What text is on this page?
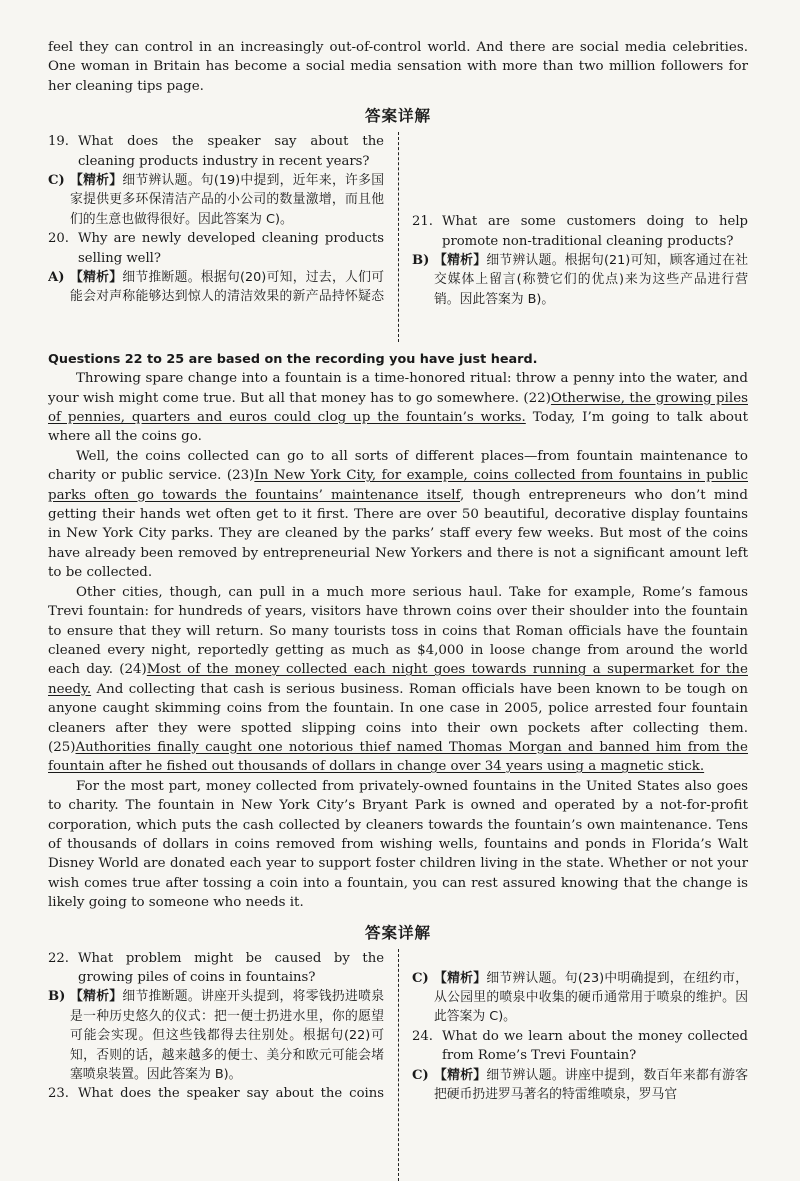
feel they can control in an increasingly out-of-control world. And there are social media celebrities. One woman in Britain has become a social media sensation with more than two million followers for her cleaning tips page.

答案详解
19. What does the speaker say about the cleaning products industry in recent years?
C) 【精析】细节辨认题。句(19)中提到，近年来，许多国家提供更多环保清洁产品的小公司的数量激增，而且他们的生意也做得很好。因此答案为 C)。
20. Why are newly developed cleaning products selling well?
A) 【精析】细节推断题。根据句(20)可知，过去，人们可能会对声称能够达到惊人的清洁效果的新产品持怀疑态
21. What are some customers doing to help promote non-traditional cleaning products?
B) 【精析】细节辨认题。根据句(21)可知，顾客通过在社交媒体上留言(称赞它们的优点)来为这些产品进行营销。因此答案为 B)。
Questions 22 to 25 are based on the recording you have just heard.

Throwing spare change into a fountain is a time-honored ritual: throw a penny into the water, and your wish might come true. But all that money has to go somewhere. (22)Otherwise, the growing piles of pennies, quarters and euros could clog up the fountain’s works. Today, I’m going to talk about where all the coins go.

Well, the coins collected can go to all sorts of different places—from fountain maintenance to charity or public service. (23)In New York City, for example, coins collected from fountains in public parks often go towards the fountains’ maintenance itself, though entrepreneurs who don’t mind getting their hands wet often get to it first. There are over 50 beautiful, decorative display fountains in New York City parks. They are cleaned by the parks’ staff every few weeks. But most of the coins have already been removed by entrepreneurial New Yorkers and there is not a significant amount left to be collected.

Other cities, though, can pull in a much more serious haul. Take for example, Rome’s famous Trevi fountain: for hundreds of years, visitors have thrown coins over their shoulder into the fountain to ensure that they will return. So many tourists toss in coins that Roman officials have the fountain cleaned every night, reportedly getting as much as $4,000 in loose change from around the world each day. (24)Most of the money collected each night goes towards running a supermarket for the needy. And collecting that cash is serious business. Roman officials have been known to be tough on anyone caught skimming coins from the fountain. In one case in 2005, police arrested four fountain cleaners after they were spotted slipping coins into their own pockets after collecting them. (25)Authorities finally caught one notorious thief named Thomas Morgan and banned him from the fountain after he fished out thousands of dollars in change over 34 years using a magnetic stick.

For the most part, money collected from privately-owned fountains in the United States also goes to charity. The fountain in New York City’s Bryant Park is owned and operated by a not-for-profit corporation, which puts the cash collected by cleaners towards the fountain’s own maintenance. Tens of thousands of dollars in coins removed from wishing wells, fountains and ponds in Florida’s Walt Disney World are donated each year to support foster children living in the state. Whether or not your wish comes true after tossing a coin into a fountain, you can rest assured knowing that the change is likely going to someone who needs it.

答案详解
22. What problem might be caused by the growing piles of coins in fountains?
B) 【精析】细节推断题。讲座开头提到，将零钱扔进喷泉是一种历史悠久的仪式：把一便士扔进水里，你的愿望可能会实现。但这些钱都得去往别处。根据句(22)可知，否则的话，越来越多的便士、美分和欧元可能会堵塞喷泉装置。因此答案为 B)。
23. What does the speaker say about the coins
C) 【精析】细节辨认题。句(23)中明确提到，在纽约市，从公园里的喷泉中收集的硬币通常用于喷泉的维护。因此答案为 C)。
24. What do we learn about the money collected from Rome’s Trevi Fountain?
C) 【精析】细节辨认题。讲座中提到，数百年来都有游客把硬币扔进罗马著名的特雷维喷泉，罗马官
